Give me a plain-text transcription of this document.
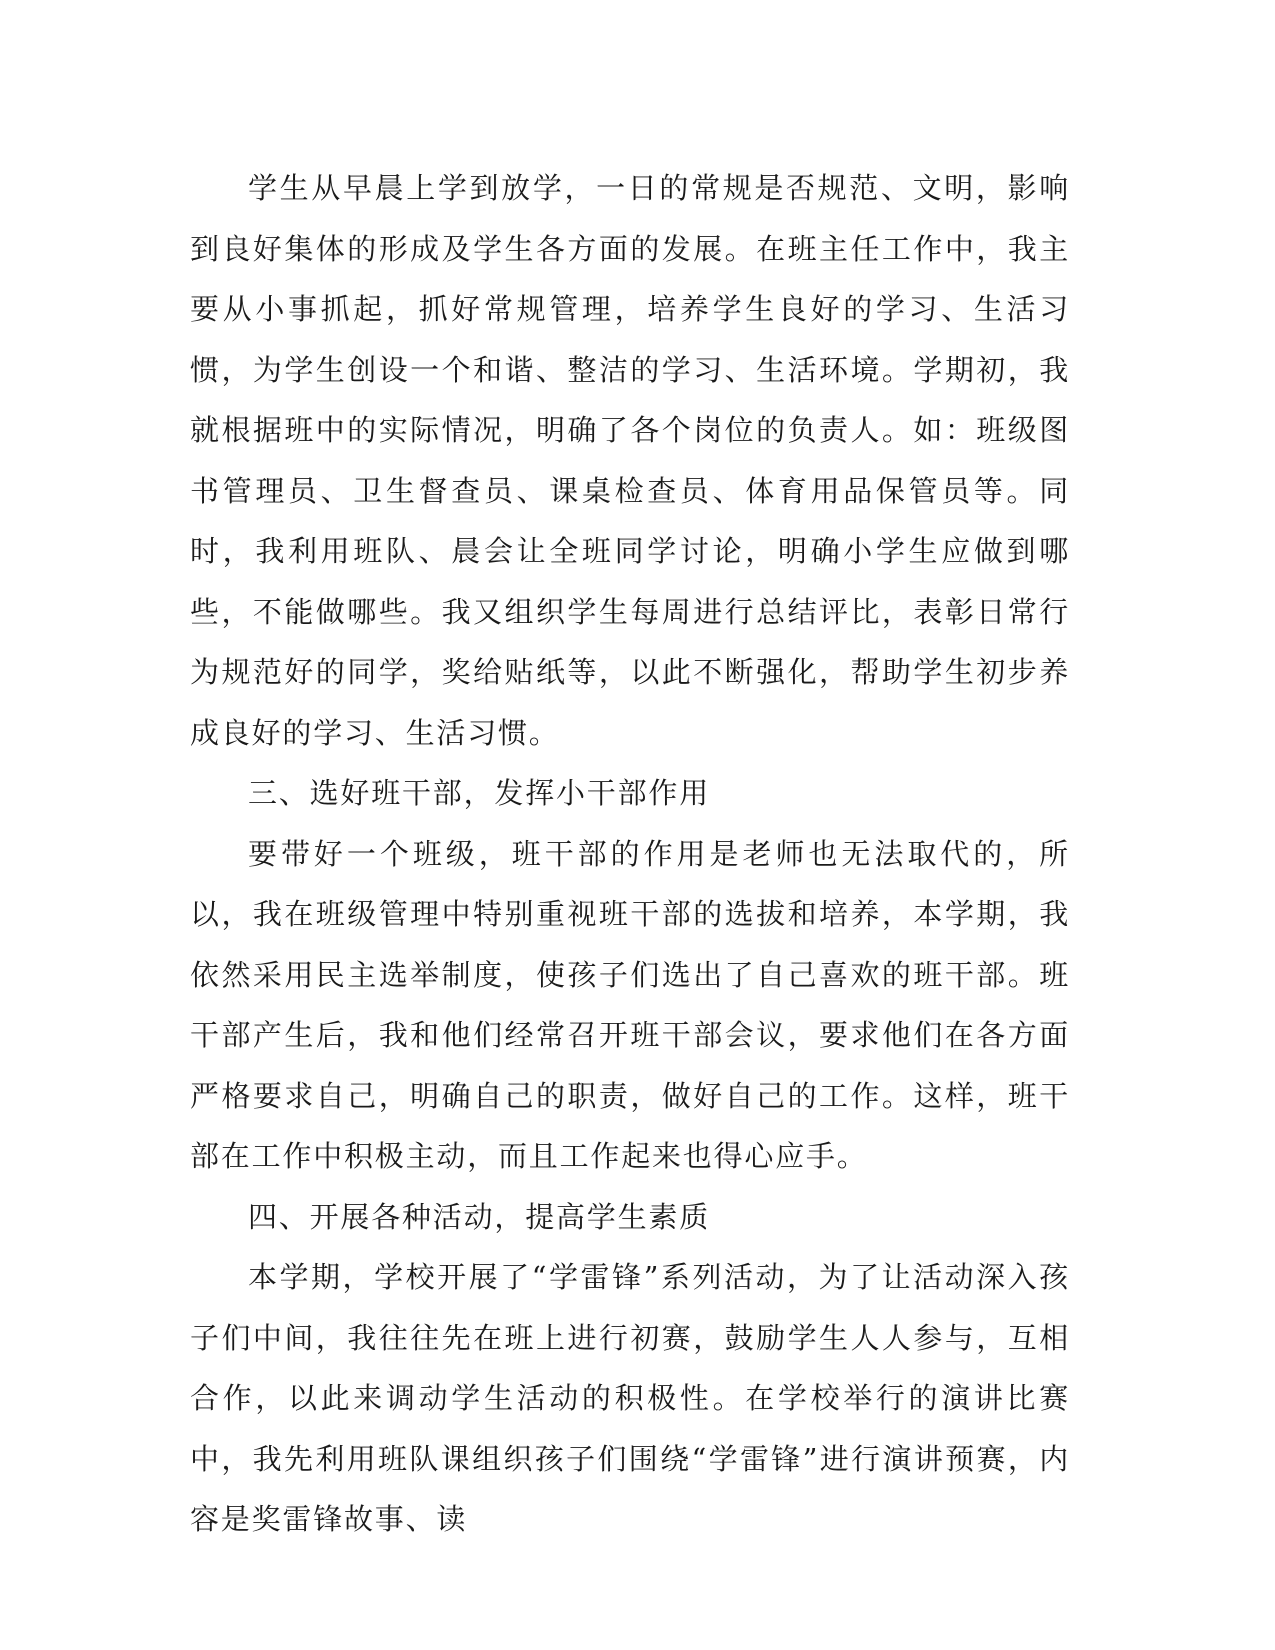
学生从早晨上学到放学，一日的常规是否规范、文明，影响到良好集体的形成及学生各方面的发展。在班主任工作中，我主要从小事抓起，抓好常规管理，培养学生良好的学习、生活习惯，为学生创设一个和谐、整洁的学习、生活环境。学期初，我就根据班中的实际情况，明确了各个岗位的负责人。如：班级图书管理员、卫生督查员、课桌检查员、体育用品保管员等。同时，我利用班队、晨会让全班同学讨论，明确小学生应做到哪些，不能做哪些。我又组织学生每周进行总结评比，表彰日常行为规范好的同学，奖给贴纸等，以此不断强化，帮助学生初步养成良好的学习、生活习惯。

三、选好班干部，发挥小干部作用

要带好一个班级，班干部的作用是老师也无法取代的，所以，我在班级管理中特别重视班干部的选拔和培养，本学期，我依然采用民主选举制度，使孩子们选出了自己喜欢的班干部。班干部产生后，我和他们经常召开班干部会议，要求他们在各方面严格要求自己，明确自己的职责，做好自己的工作。这样，班干部在工作中积极主动，而且工作起来也得心应手。

四、开展各种活动，提高学生素质

本学期，学校开展了“学雷锋”系列活动，为了让活动深入孩子们中间，我往往先在班上进行初赛，鼓励学生人人参与，互相合作，以此来调动学生活动的积极性。在学校举行的演讲比赛中，我先利用班队课组织孩子们围绕“学雷锋”进行演讲预赛，内容是奖雷锋故事、读
